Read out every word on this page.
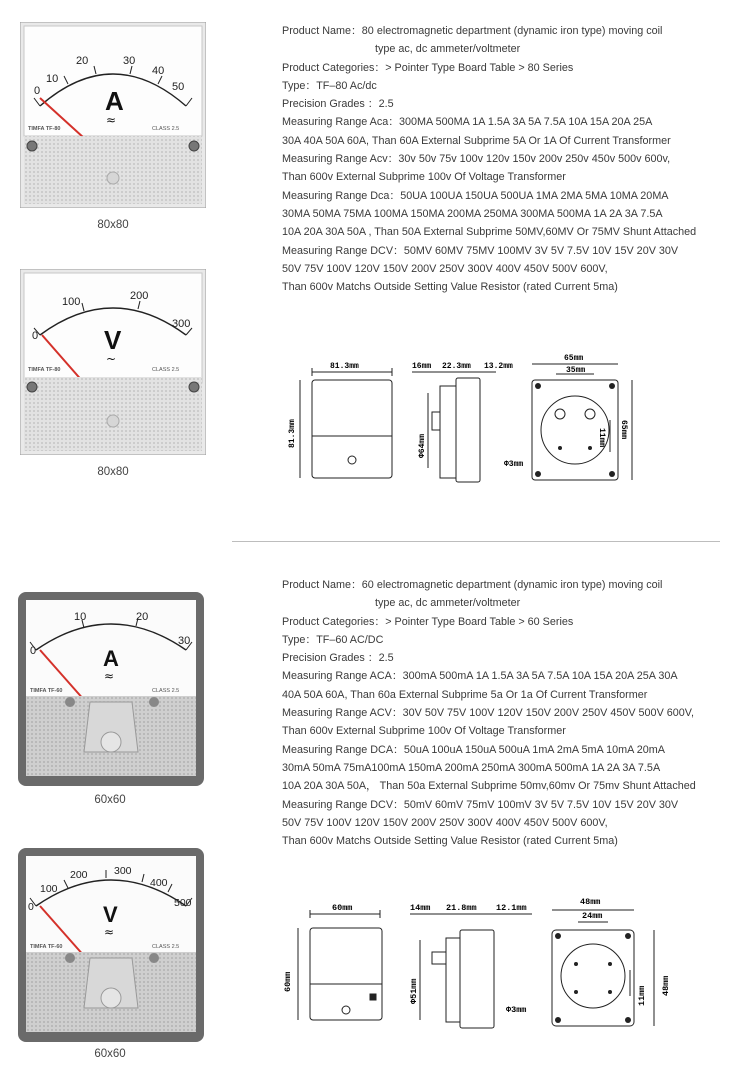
0
10
20	30
40
50
A
≈
TIMFA TF-80	CLASS 2.5
80x80
0
100	200
300
V
~
TIMFA TF-80	CLASS 2.5
80x80
Product Name：80 electromagnetic department (dynamic iron type) moving coil
type ac, dc ammeter/voltmeter
Product Categories：> Pointer Type Board Table > 80 Series
Type：TF–80 Ac/dc
Precision Grades ：2.5
Measuring Range Aca：300MA 500MA 1A 1.5A 3A 5A 7.5A 10A 15A 20A 25A
30A 40A 50A 60A, Than 60A External Subprime 5A Or 1A Of Current Transformer
Measuring Range Acv：30v 50v 75v 100v 120v 150v 200v 250v 450v 500v 600v,
Than 600v External Subprime 100v Of Voltage Transformer
Measuring Range Dca：50UA 100UA 150UA 500UA 1MA 2MA 5MA 10MA 20MA
30MA 50MA 75MA 100MA 150MA 200MA 250MA 300MA 500MA 1A 2A 3A 7.5A
10A 20A 30A 50A , Than 50A External Subprime 50MV,60MV Or 75MV Shunt Attached
Measuring Range DCV：50MV 60MV 75MV 100MV 3V 5V 7.5V 10V 15V 20V 30V
50V 75V 100V 120V 150V 200V 250V 300V 400V 450V 500V 600V,
Than 600v Matchs Outside Setting Value Resistor (rated Current 5ma)
81.3mm
81.3mm
16mm 22.3mm 13.2mm
Φ64mm
65mm
35mm
65mm
11mm
Φ3mm
0
10	20
30
A
≈
TIMFA TF-60	CLASS 2.5
60x60
0
100
200	300
400
500
V
≈
TIMFA TF-60	CLASS 2.5
60x60
Product Name：60 electromagnetic department (dynamic iron type) moving coil
type ac, dc ammeter/voltmeter
Product Categories：> Pointer Type Board Table > 60 Series
Type：TF–60 AC/DC
Precision Grades ：2.5
Measuring Range ACA：300mA 500mA 1A 1.5A 3A 5A 7.5A 10A 15A 20A 25A 30A
40A 50A 60A, Than 60a External Subprime 5a Or 1a Of Current Transformer
Measuring Range ACV：30V 50V 75V 100V 120V 150V 200V 250V 450V 500V 600V,
Than 600v External Subprime 100v Of Voltage Transformer
Measuring Range DCA：50uA 100uA 150uA 500uA 1mA 2mA 5mA 10mA 20mA
30mA 50mA 75mA100mA 150mA 200mA 250mA 300mA 500mA 1A 2A 3A 7.5A
10A 20A 30A 50A， Than 50a External Subprime 50mv,60mv Or 75mv Shunt Attached
Measuring Range DCV：50mV 60mV 75mV 100mV 3V 5V 7.5V 10V 15V 20V 30V
50V 75V 100V 120V 150V 200V 250V 300V 400V 450V 500V 600V,
Than 600v Matchs Outside Setting Value Resistor (rated Current 5ma)
60mm
60mm
14mm 21.8mm 12.1mm
Φ51mm
48mm
24mm
48mm
11mm
Φ3mm
